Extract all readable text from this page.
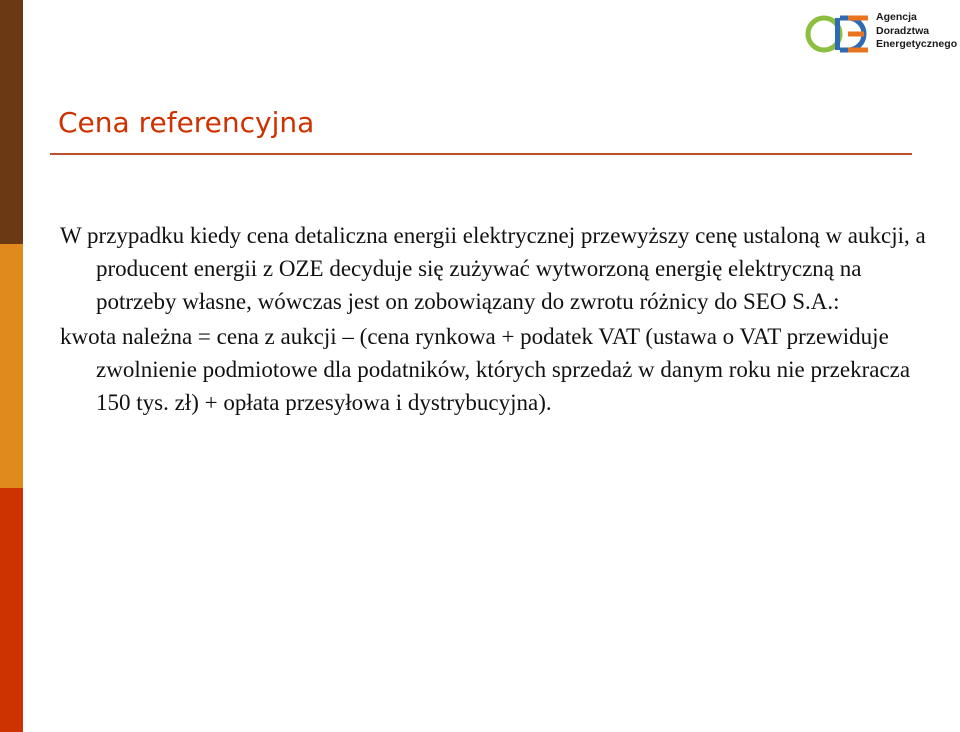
Agencja
Doradztwa
Energetycznego
Cena referencyjna

W przypadku kiedy cena detaliczna energii elektrycznej przewyższy cenę ustaloną w aukcji, a producent energii z OZE decyduje się zużywać wytworzoną energię elektryczną na potrzeby własne, wówczas jest on zobowiązany do zwrotu różnicy do SEO S.A.:

kwota należna = cena z aukcji – (cena rynkowa + podatek VAT (ustawa o VAT przewiduje zwolnienie podmiotowe dla podatników, których sprzedaż w danym roku nie przekracza 150 tys. zł) + opłata przesyłowa i dystrybucyjna).
